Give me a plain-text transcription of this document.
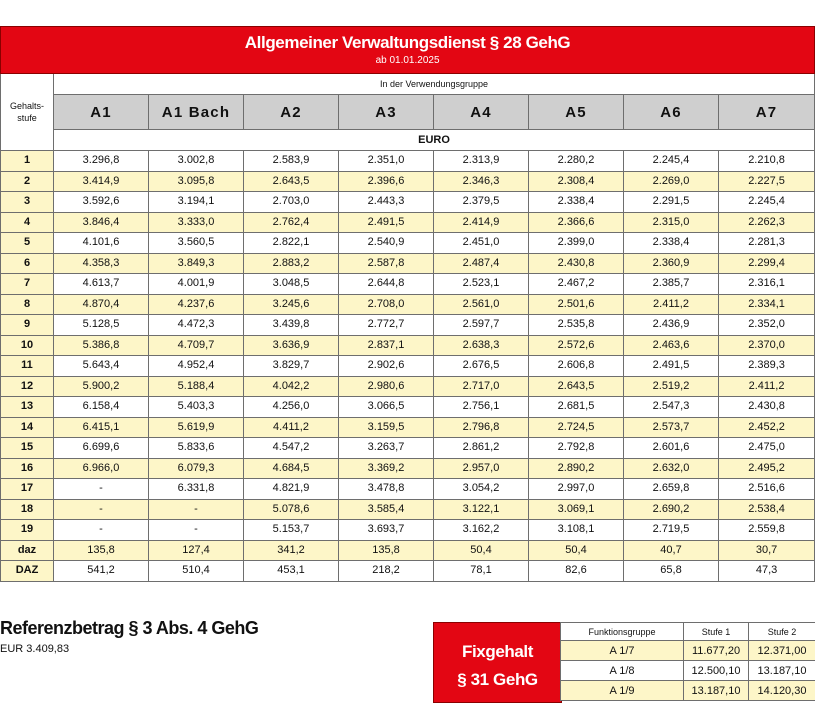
Allgemeiner Verwaltungsdienst § 28 GehG
ab 01.01.2025								

Gehalts-
stufe	In der Verwendungsgruppe							
	A1	A1 Bach	A2	A3	A4	A5	A6	A7
	EURO							
1	3.296,8	3.002,8	2.583,9	2.351,0	2.313,9	2.280,2	2.245,4	2.210,8
2	3.414,9	3.095,8	2.643,5	2.396,6	2.346,3	2.308,4	2.269,0	2.227,5
3	3.592,6	3.194,1	2.703,0	2.443,3	2.379,5	2.338,4	2.291,5	2.245,4
4	3.846,4	3.333,0	2.762,4	2.491,5	2.414,9	2.366,6	2.315,0	2.262,3
5	4.101,6	3.560,5	2.822,1	2.540,9	2.451,0	2.399,0	2.338,4	2.281,3
6	4.358,3	3.849,3	2.883,2	2.587,8	2.487,4	2.430,8	2.360,9	2.299,4
7	4.613,7	4.001,9	3.048,5	2.644,8	2.523,1	2.467,2	2.385,7	2.316,1
8	4.870,4	4.237,6	3.245,6	2.708,0	2.561,0	2.501,6	2.411,2	2.334,1
9	5.128,5	4.472,3	3.439,8	2.772,7	2.597,7	2.535,8	2.436,9	2.352,0
10	5.386,8	4.709,7	3.636,9	2.837,1	2.638,3	2.572,6	2.463,6	2.370,0
11	5.643,4	4.952,4	3.829,7	2.902,6	2.676,5	2.606,8	2.491,5	2.389,3
12	5.900,2	5.188,4	4.042,2	2.980,6	2.717,0	2.643,5	2.519,2	2.411,2
13	6.158,4	5.403,3	4.256,0	3.066,5	2.756,1	2.681,5	2.547,3	2.430,8
14	6.415,1	5.619,9	4.411,2	3.159,5	2.796,8	2.724,5	2.573,7	2.452,2
15	6.699,6	5.833,6	4.547,2	3.263,7	2.861,2	2.792,8	2.601,6	2.475,0
16	6.966,0	6.079,3	4.684,5	3.369,2	2.957,0	2.890,2	2.632,0	2.495,2
17	-	6.331,8	4.821,9	3.478,8	3.054,2	2.997,0	2.659,8	2.516,6
18	-	-	5.078,6	3.585,4	3.122,1	3.069,1	2.690,2	2.538,4
19	-	-	5.153,7	3.693,7	3.162,2	3.108,1	2.719,5	2.559,8
daz	135,8	127,4	341,2	135,8	50,4	50,4	40,7	30,7
DAZ	541,2	510,4	453,1	218,2	78,1	82,6	65,8	47,3
Referenzbetrag § 3 Abs. 4 GehG
EUR 3.409,83	Fixgehalt
§ 31 GehG
Funktionsgruppe	Stufe 1	Stufe 2
A 1/7	11.677,20	12.371,00
A 1/8	12.500,10	13.187,10
A 1/9	13.187,10	14.120,30
